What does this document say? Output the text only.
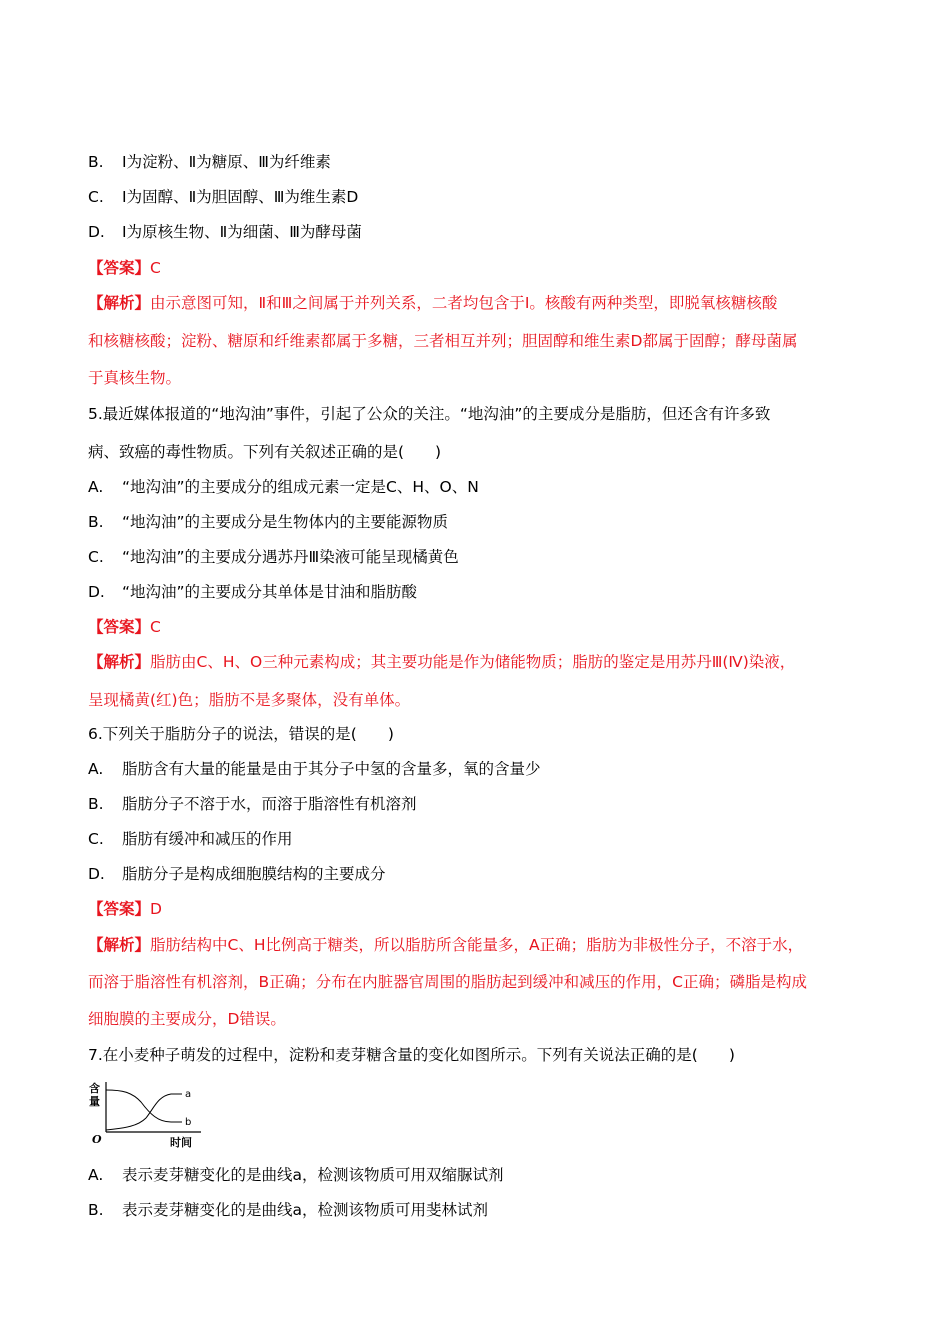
B. Ⅰ为淀粉、Ⅱ为糖原、Ⅲ为纤维素
C. Ⅰ为固醇、Ⅱ为胆固醇、Ⅲ为维生素D
D. Ⅰ为原核生物、Ⅱ为细菌、Ⅲ为酵母菌
【答案】C
【解析】由示意图可知，Ⅱ和Ⅲ之间属于并列关系，二者均包含于Ⅰ。核酸有两种类型，即脱氧核糖核酸
和核糖核酸；淀粉、糖原和纤维素都属于多糖，三者相互并列；胆固醇和维生素D都属于固醇；酵母菌属
于真核生物。
5.最近媒体报道的“地沟油”事件，引起了公众的关注。“地沟油”的主要成分是脂肪，但还含有许多致
病、致癌的毒性物质。下列有关叙述正确的是(　　)
A. “地沟油”的主要成分的组成元素一定是C、H、O、N
B. “地沟油”的主要成分是生物体内的主要能源物质
C. “地沟油”的主要成分遇苏丹Ⅲ染液可能呈现橘黄色
D. “地沟油”的主要成分其单体是甘油和脂肪酸
【答案】C
【解析】脂肪由C、H、O三种元素构成；其主要功能是作为储能物质；脂肪的鉴定是用苏丹Ⅲ(Ⅳ)染液，
呈现橘黄(红)色；脂肪不是多聚体，没有单体。
6.下列关于脂肪分子的说法，错误的是(　　)
A. 脂肪含有大量的能量是由于其分子中氢的含量多，氧的含量少
B. 脂肪分子不溶于水，而溶于脂溶性有机溶剂
C. 脂肪有缓冲和减压的作用
D. 脂肪分子是构成细胞膜结构的主要成分
【答案】D
【解析】脂肪结构中C、H比例高于糖类，所以脂肪所含能量多，A正确；脂肪为非极性分子，不溶于水，
而溶于脂溶性有机溶剂，B正确；分布在内脏器官周围的脂肪起到缓冲和减压的作用，C正确；磷脂是构成
细胞膜的主要成分，D错误。
7.在小麦种子萌发的过程中，淀粉和麦芽糖含量的变化如图所示。下列有关说法正确的是(　　)
含
量
a
b
O	时间
A. 表示麦芽糖变化的是曲线a，检测该物质可用双缩脲试剂
B. 表示麦芽糖变化的是曲线a，检测该物质可用斐林试剂
